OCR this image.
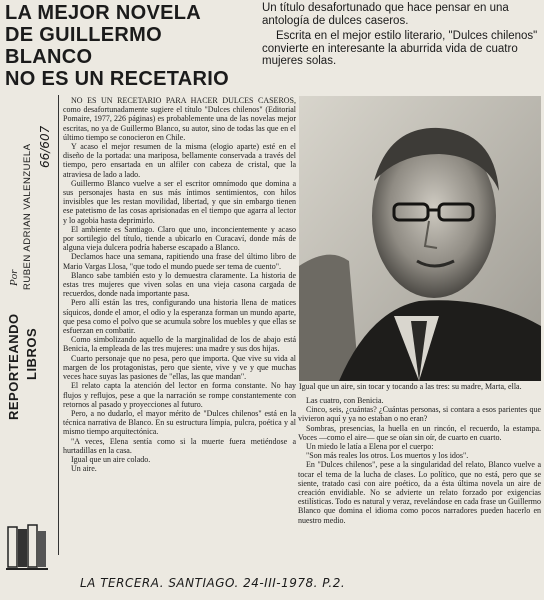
LA MEJOR NOVELA
DE GUILLERMO BLANCO
NO ES UN RECETARIO

Un título desafortunado que hace pensar en una antología de dulces caseros.

Escrita en el mejor estilo literario, "Dulces chilenos" convierte en interesante la aburrida vida de cuatro mujeres solas.

Por RUBEN ADRIAN VALENZUELA 66/607
REPORTEANDO LIBROS

NO ES UN RECETARIO PARA HACER DULCES CASEROS, como desafortunadamente sugiere el título "Dulces chilenos" (Editorial Pomaire, 1977, 226 páginas) es probablemente una de las novelas mejor escritas, no ya de Guillermo Blanco, su autor, sino de todas las que en el último tiempo se conocieron en Chile.

Y acaso el mejor resumen de la misma (elogio aparte) esté en el diseño de la portada: una mariposa, bellamente conservada a través del tiempo, pero ensartada en un alfiler con cabeza de cristal, que la atraviesa de lado a lado.

Guillermo Blanco vuelve a ser el escritor omnímodo que domina a sus personajes hasta en sus más íntimos sentimientos, con hilos invisibles que les restan movilidad, libertad, y que sin embargo tienen ese patetismo de las cosas aprisionadas en el tiempo que agarra al lector y lo agobia hasta deprimirlo.

El ambiente es Santiago. Claro que uno, inconcientemente y acaso por sortilegio del título, tiende a ubicarlo en Curacaví, donde más de alguna vieja dulcera podría haberse escapado a Blanco.

Declamos hace una semana, rapitiendo una frase del último libro de Mario Vargas Llosa, "que todo el mundo puede ser tema de cuento".

Blanco sabe también esto y lo demuestra claramente. La historia de estas tres mujeres que viven solas en una vieja casona cargada de recuerdos, donde nada importante pasa.

Pero allí están las tres, configurando una historia llena de matices síquicos, donde el amor, el odio y la esperanza forman un mundo aparte, que pesa como el polvo que se acumula sobre los muebles y que ellas se esfuerzan en combatir.

Como simbolizando aquello de la marginalidad de los de abajo está Benicia, la empleada de las tres mujeres: una madre y sus dos hijas.

Cuarto personaje que no pesa, pero que importa. Que vive su vida al margen de los protagonistas, pero que siente, vive y ve y que muchas veces hace suyas las pasiones de "ellas, las que mandan".

El relato capta la atención del lector en forma constante. No hay flujos y reflujos, pese a que la narración se rompe constantemente con retornos al pasado y proyecciones al futuro.

Pero, a no dudarlo, el mayor mérito de "Dulces chilenos" está en la técnica narrativa de Blanco. En su estructura límpia, pulcra, poética y al mismo tiempo arquitectónica.

"A veces, Elena sentía como si la muerte fuera metiéndose a hurtadillas en la casa.

Igual que un aire colado.

Un aire.

Igual que un aire, sin tocar y tocando a las tres: su madre, Marta, ella.

Las cuatro, con Benicia.

Cinco, seis, ¿cuántas? ¿Cuántas personas, si contara a esos parientes que vivieron aquí y ya no estaban o no eran?

Sombras, presencias, la huella en un rincón, el recuerdo, la estampa. Voces —como el aire— que se oían sin oír, de cuarto en cuarto.

Un miedo le latía a Elena por el cuerpo:

"Son más reales los otros. Los muertos y los idos".

En "Dulces chilenos", pese a la singularidad del relato, Blanco vuelve a tocar el tema de la lucha de clases. Lo político, que no está, pero que se siente, tratado casi con aire poético, da a ésta última novela un aire de creación envidiable. No se advierte un relato forzado por exigencias estilísticas. Todo es natural y veraz, revelándose en cada frase un Guillermo Blanco que domina el idioma como pocos narradores pueden hacerlo en nuestro medio.

LA TERCERA. SANTIAGO. 24-III-1978. P.2.
